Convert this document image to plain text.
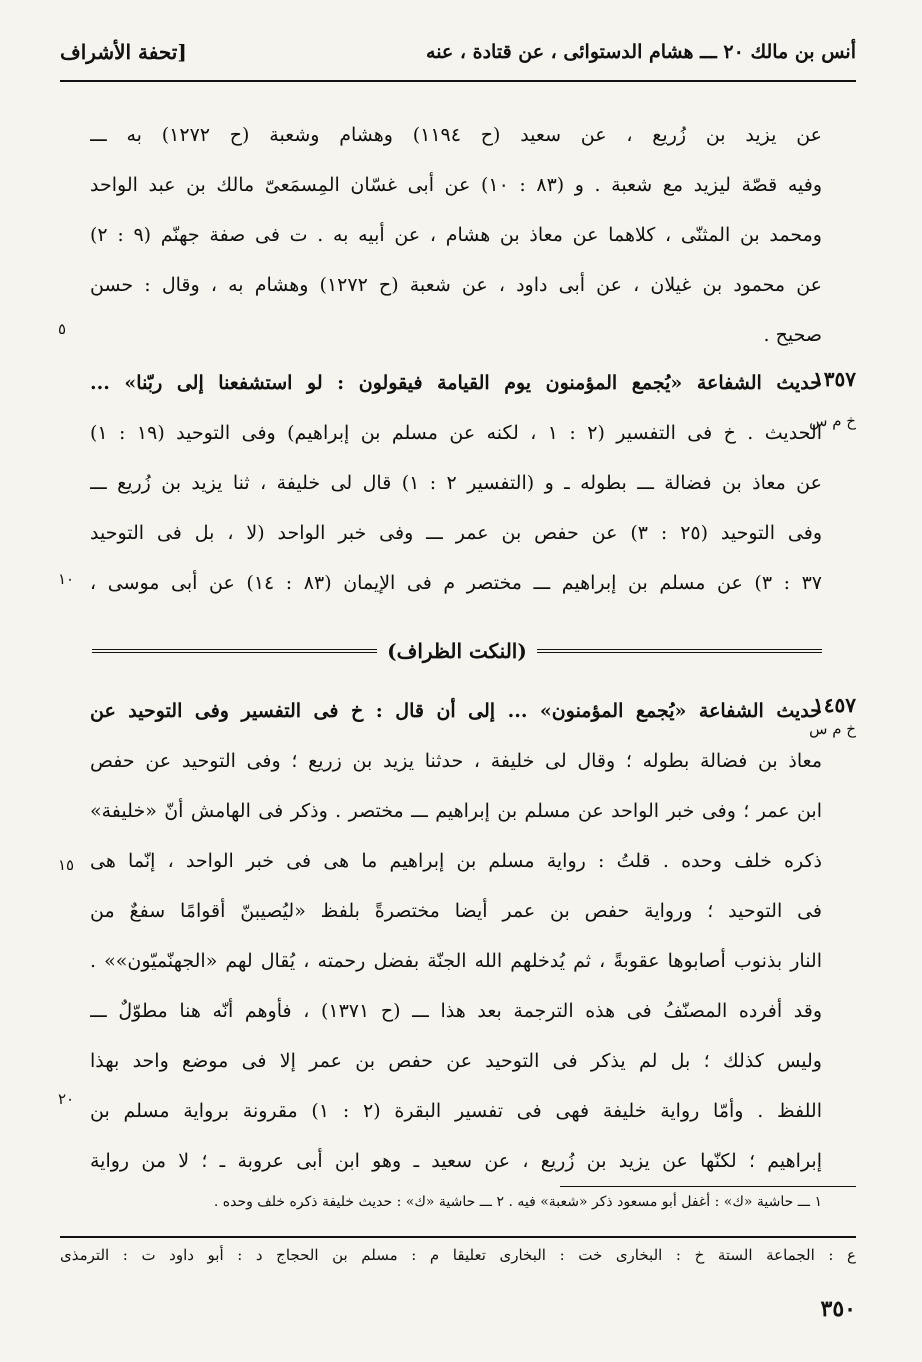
أنس بن مالك ٢٠ ـــ هشام الدستوائى ، عن قتادة ، عنه
[تحفة الأشراف
عن يزيد بن زُريع ، عن سعيد (ح ١١٩٤) وهشام وشعبة (ح ١٢٧٢) به ـــ
وفيه قصّة ليزيد مع شعبة . و (٨٣ : ١٠) عن أبى غسّان المِسمَعىّ مالك بن عبد الواحد
ومحمد بن المثنّى ، كلاهما عن معاذ بن هشام ، عن أبيه به . ت فى صفة جهنّم (٩ : ٢)
عن محمود بن غيلان ، عن أبى داود ، عن شعبة (ح ١٢٧٢) وهشام به ، وقال : حسن
صحيح .
٥
١٣٥٧
خ م س
حديث الشفاعة «يُجمع المؤمنون يوم القيامة فيقولون : لو استشفعنا إلى ربّنا» ...
الحديث . خ فى التفسير (٢ : ١ ، لكنه عن مسلم بن إبراهيم) وفى التوحيد (١٩ : ١)
عن معاذ بن فضالة ـــ بطوله ـ و (التفسير ٢ : ١) قال لى خليفة ، ثنا يزيد بن زُريع ـــ
وفى التوحيد (٢٥ : ٣) عن حفص بن عمر ـــ وفى خبر الواحد (لا ، بل فى التوحيد
٣٧ : ٣) عن مسلم بن إبراهيم ـــ مختصر م فى الإيمان (٨٣ : ١٤) عن أبى موسى ،
١٠
(النكت الظراف)
١٤٥٧
خ م س
حديث الشفاعة «يُجمع المؤمنون» ... إلى أن قال : خ فى التفسير وفى التوحيد عن
معاذ بن فضالة بطوله ؛ وقال لى خليفة ، حدثنا يزيد بن زريع ؛ وفى التوحيد عن حفص
ابن عمر ؛ وفى خبر الواحد عن مسلم بن إبراهيم ـــ مختصر . وذكر فى الهامش أنّ «خليفة»
ذكره خلف وحده . قلتُ : رواية مسلم بن إبراهيم ما هى فى خبر الواحد ، إنّما هى
فى التوحيد ؛ ورواية حفص بن عمر أيضا مختصرةً بلفظ «ليُصيبنّ أقوامًا سفعٌ من
النار بذنوب أصابوها عقوبةً ، ثم يُدخلهم الله الجنّة بفضل رحمته ، يُقال لهم «الجهنّميّون»» .
وقد أفرده المصنّفُ فى هذه الترجمة بعد هذا ـــ (ح ١٣٧١) ، فأوهم أنّه هنا مطوّلٌ ـــ
وليس كذلك ؛ بل لم يذكر فى التوحيد عن حفص بن عمر إلا فى موضع واحد بهذا
اللفظ . وأمّا رواية خليفة فهى فى تفسير البقرة (٢ : ١) مقرونة برواية مسلم بن
إبراهيم ؛ لكنّها عن يزيد بن زُريع ، عن سعيد ـ وهو ابن أبى عروبة ـ ؛ لا من رواية
١٥
٢٠
١ ـــ حاشية «ك» : أغفل أبو مسعود ذكر «شعبة» فيه . ٢ ـــ حاشية «ك» : حديث خليفة ذكره خلف وحده .
ع : الجماعة الستة خ : البخارى خت : البخارى تعليقا م : مسلم بن الحجاج د : أبو داود ت : الترمذى
٣٥٠
